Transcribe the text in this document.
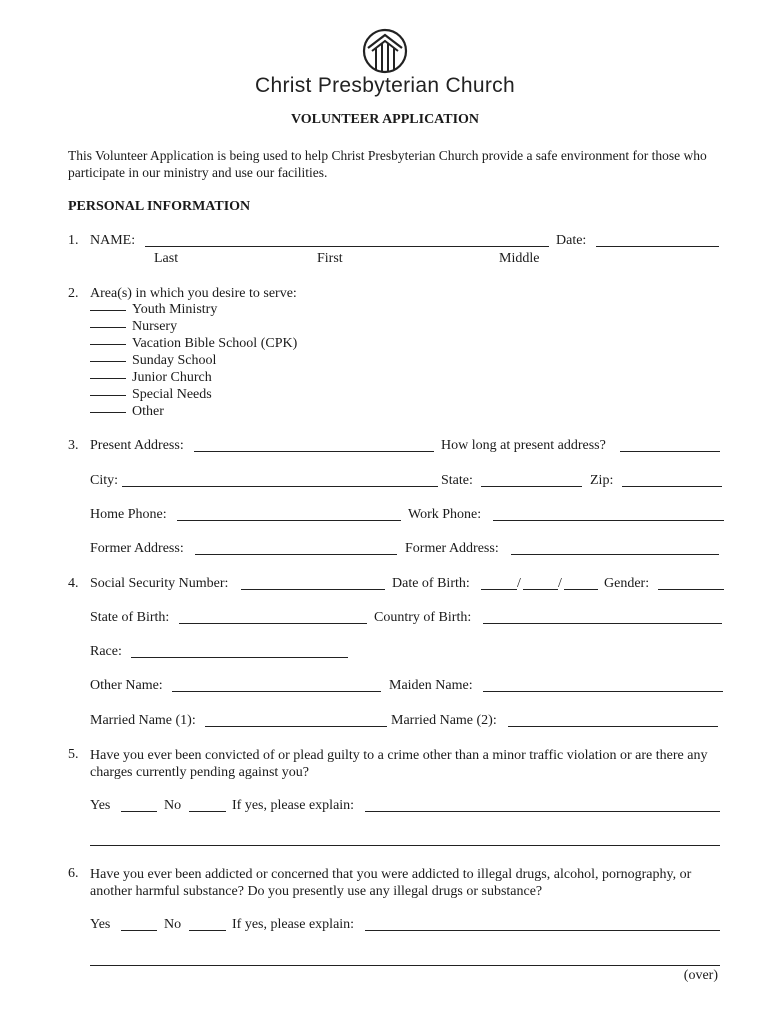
Christ Presbyterian Church
VOLUNTEER APPLICATION
This Volunteer Application is being used to help Christ Presbyterian Church provide a safe environment for those who participate in our ministry and use our facilities.
PERSONAL INFORMATION
1. NAME:	Date:
Last	First	Middle
2. Area(s) in which you desire to serve:
Youth Ministry
Nursery
Vacation Bible School (CPK)
Sunday School
Junior Church
Special Needs
Other
3. Present Address:	How long at present address?
City:	State:	Zip:
Home Phone:	Work Phone:
Former Address:	Former Address:
4. Social Security Number:	Date of Birth:	/	/	Gender:
State of Birth:	Country of Birth:
Race:
Other Name:	Maiden Name:
Married Name (1):	Married Name (2):
5. Have you ever been convicted of or plead guilty to a crime other than a minor traffic violation or are there any charges currently pending against you?
Yes	No	If yes, please explain:
6. Have you ever been addicted or concerned that you were addicted to illegal drugs, alcohol, pornography, or another harmful substance? Do you presently use any illegal drugs or substance?
Yes	No	If yes, please explain:
(over)
